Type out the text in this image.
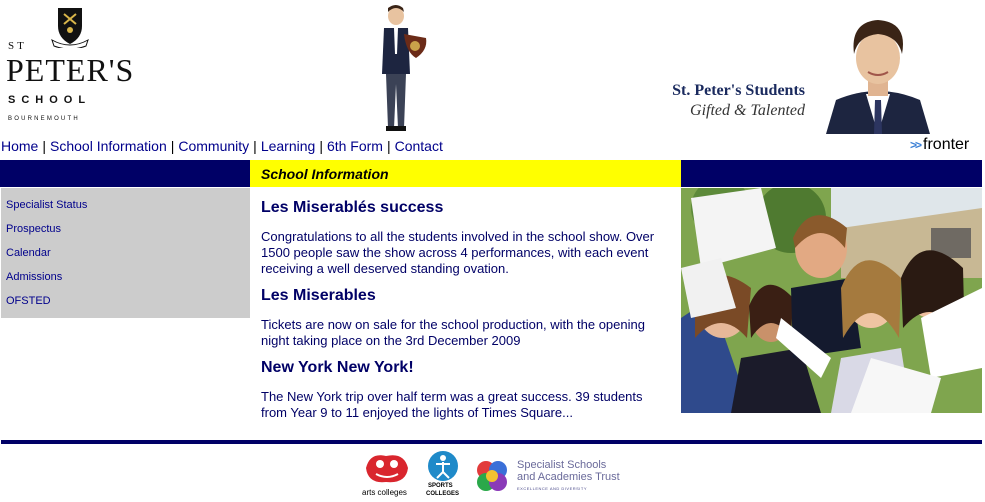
ST
PETER'S
SCHOOL
BOURNEMOUTH
St. Peter's Students
Gifted & Talented
Home | School Information | Community | Learning | 6th Form | Contact	>> fronter
School Information
Specialist Status
Prospectus
Calendar
Admissions
OFSTED
Les Miserablés success

Congratulations to all the students involved in the school show. Over 1500 people saw the show across 4 performances, with each event receiving a well deserved standing ovation.

Les Miserables

Tickets are now on sale for the school production, with the opening night taking place on the 3rd December 2009

New York New York!

The New York trip over half term was a great success. 39 students from Year 9 to 11 enjoyed the lights of Times Square...

arts colleges
SPORTS
COLLEGES
Specialist Schools
and Academies Trust
EXCELLENCE AND DIVERSITY
